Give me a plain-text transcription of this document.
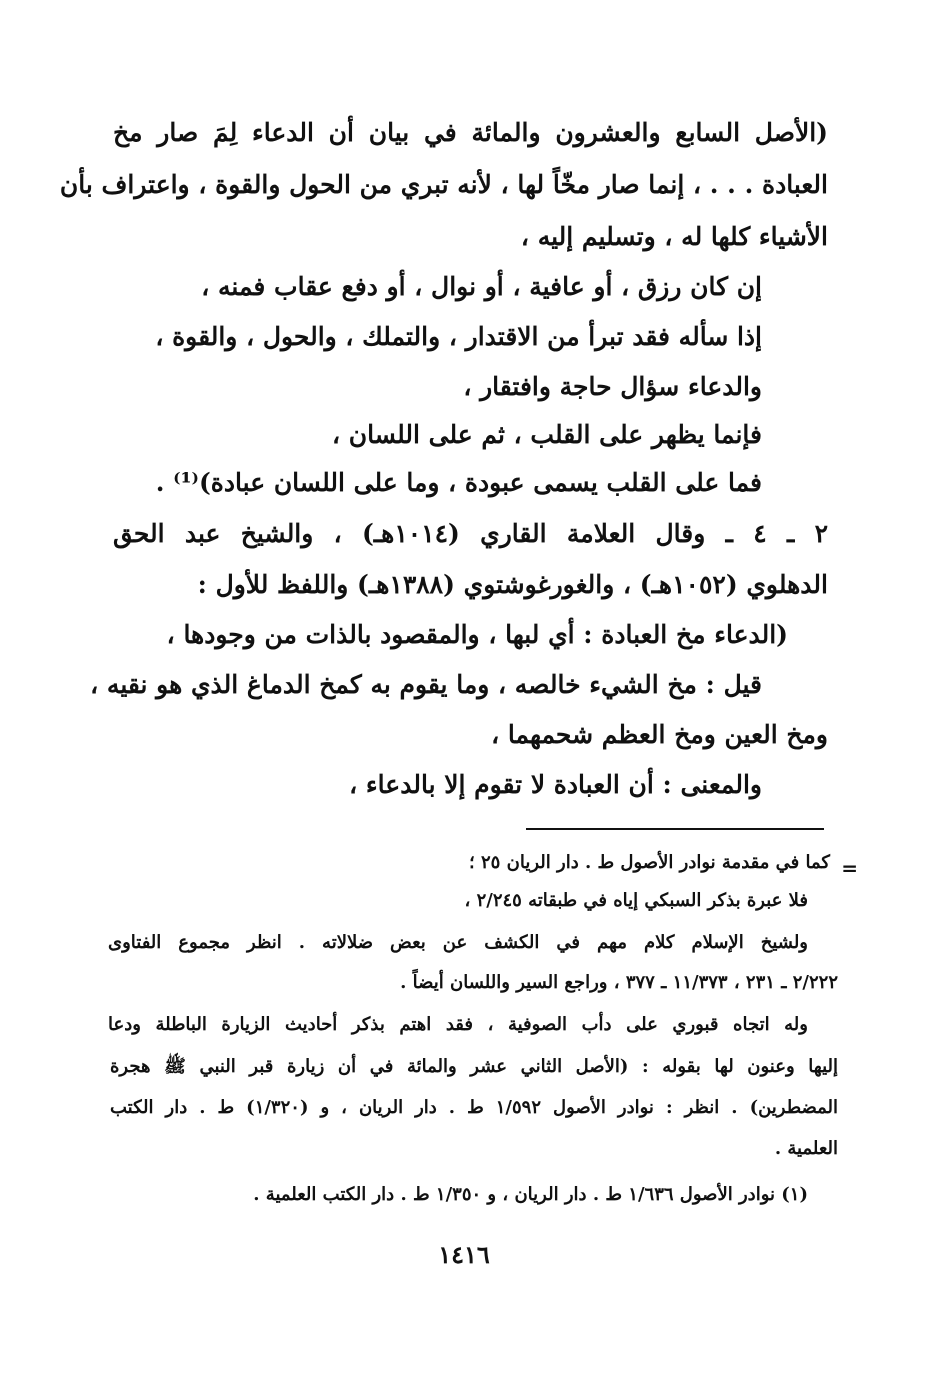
(الأصل السابع والعشرون والمائة في بيان أن الدعاء لِمَ صار مخ
العبادة . . . ، إنما صار مخّاً لها ، لأنه تبري من الحول والقوة ، واعتراف بأن
الأشياء كلها له ، وتسليم إليه ،
إن كان رزق ، أو عافية ، أو نوال ، أو دفع عقاب فمنه ،
إذا سأله فقد تبرأ من الاقتدار ، والتملك ، والحول ، والقوة ،
والدعاء سؤال حاجة وافتقار ،
فإنما يظهر على القلب ، ثم على اللسان ،
فما على القلب يسمى عبودة ، وما على اللسان عبادة)⁽¹⁾ .
٢ ـ ٤ ـ وقال العلامة القاري (١٠١٤هـ) ، والشيخ عبد الحق
الدهلوي (١٠٥٢هـ) ، والغورغوشتوي (١٣٨٨هـ) واللفظ للأول :
(الدعاء مخ العبادة : أي لبها ، والمقصود بالذات من وجودها ،
قيل : مخ الشيء خالصه ، وما يقوم به كمخ الدماغ الذي هو نقيه ،
ومخ العين ومخ العظم شحمهما ،
والمعنى : أن العبادة لا تقوم إلا بالدعاء ،
=
كما في مقدمة نوادر الأصول ط . دار الريان ٢٥ ؛
فلا عبرة بذكر السبكي إياه في طبقاته ٢/٢٤٥ ،
ولشيخ الإسلام كلام مهم في الكشف عن بعض ضلالاته . انظر مجموع الفتاوى
٢/٢٢٢ ـ ٢٣١ ، ١١/٣٧٣ ـ ٣٧٧ ، وراجع السير واللسان أيضاً .
وله اتجاه قبوري على دأب الصوفية ، فقد اهتم بذكر أحاديث الزيارة الباطلة ودعا
إليها وعنون لها بقوله : (الأصل الثاني عشر والمائة في أن زيارة قبر النبي ﷺ هجرة
المضطرين) . انظر : نوادر الأصول ١/٥٩٢ ط . دار الريان ، و (١/٣٢٠) ط . دار الكتب
العلمية .
(١) نوادر الأصول ١/٦٣٦ ط . دار الريان ، و ١/٣٥٠ ط . دار الكتب العلمية .
١٤١٦
